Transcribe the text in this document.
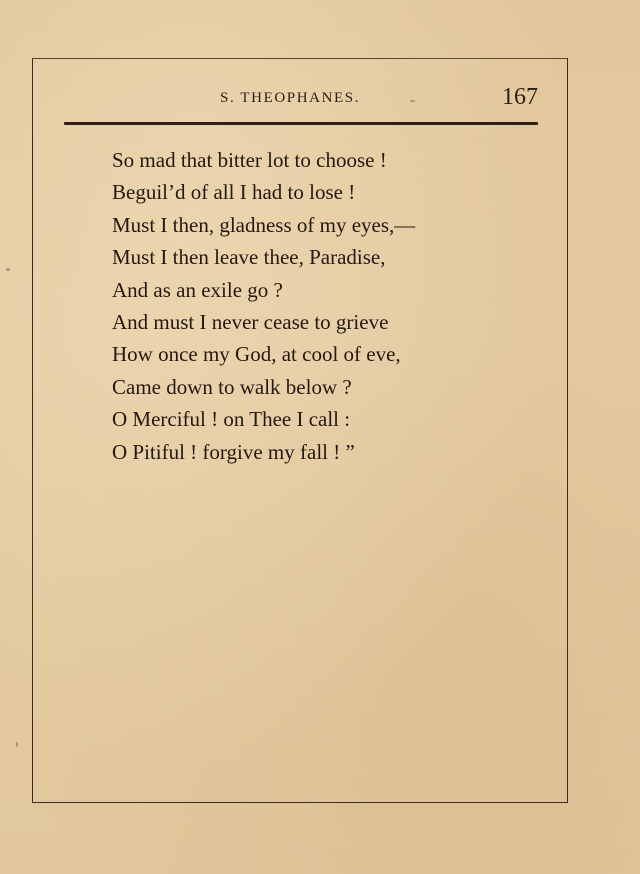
S. THEOPHANES.	167
So mad that bitter lot to choose !
Beguil’d of all I had to lose !
Must I then, gladness of my eyes,—
Must I then leave thee, Paradise,
And as an exile go ?
And must I never cease to grieve
How once my God, at cool of eve,
Came down to walk below ?
O Merciful ! on Thee I call :
O Pitiful ! forgive my fall ! ”
